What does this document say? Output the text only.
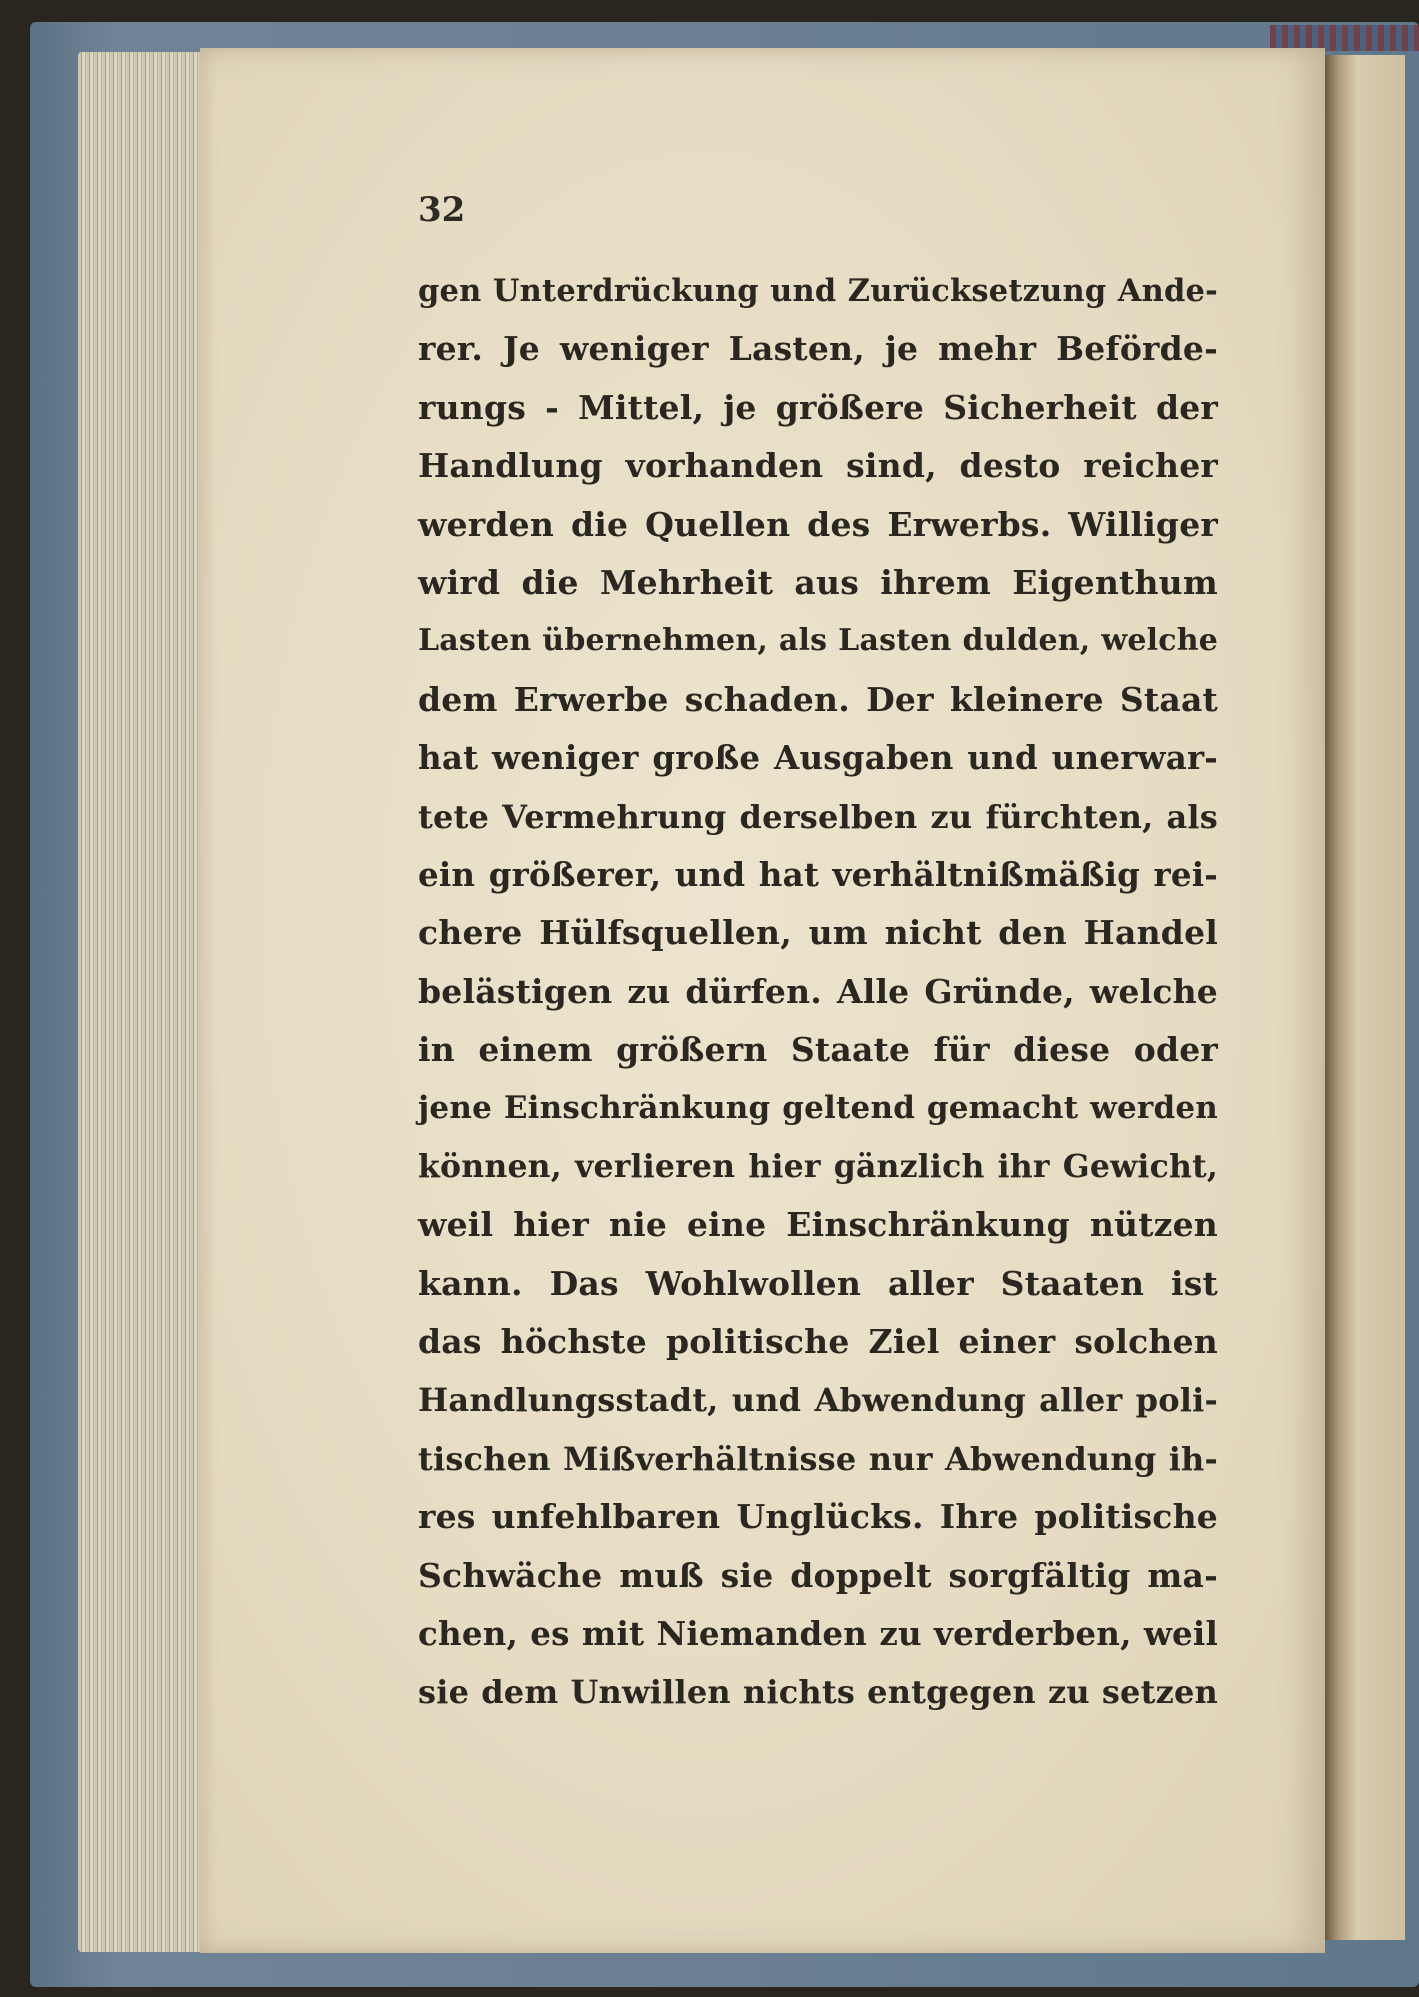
32
gen Unterdrückung und Zurücksetzung Ande-
rer. Je weniger Lasten, je mehr Beförde-
rungs - Mittel, je größere Sicherheit der
Handlung vorhanden sind, desto reicher
werden die Quellen des Erwerbs. Williger
wird die Mehrheit aus ihrem Eigenthum
Lasten übernehmen, als Lasten dulden, welche
dem Erwerbe schaden. Der kleinere Staat
hat weniger große Ausgaben und unerwar-
tete Vermehrung derselben zu fürchten, als
ein größerer, und hat verhältnißmäßig rei-
chere Hülfsquellen, um nicht den Handel
belästigen zu dürfen. Alle Gründe, welche
in einem größern Staate für diese oder
jene Einschränkung geltend gemacht werden
können, verlieren hier gänzlich ihr Gewicht,
weil hier nie eine Einschränkung nützen
kann. Das Wohlwollen aller Staaten ist
das höchste politische Ziel einer solchen
Handlungsstadt, und Abwendung aller poli-
tischen Mißverhältnisse nur Abwendung ih-
res unfehlbaren Unglücks. Ihre politische
Schwäche muß sie doppelt sorgfältig ma-
chen, es mit Niemanden zu verderben, weil
sie dem Unwillen nichts entgegen zu setzen
